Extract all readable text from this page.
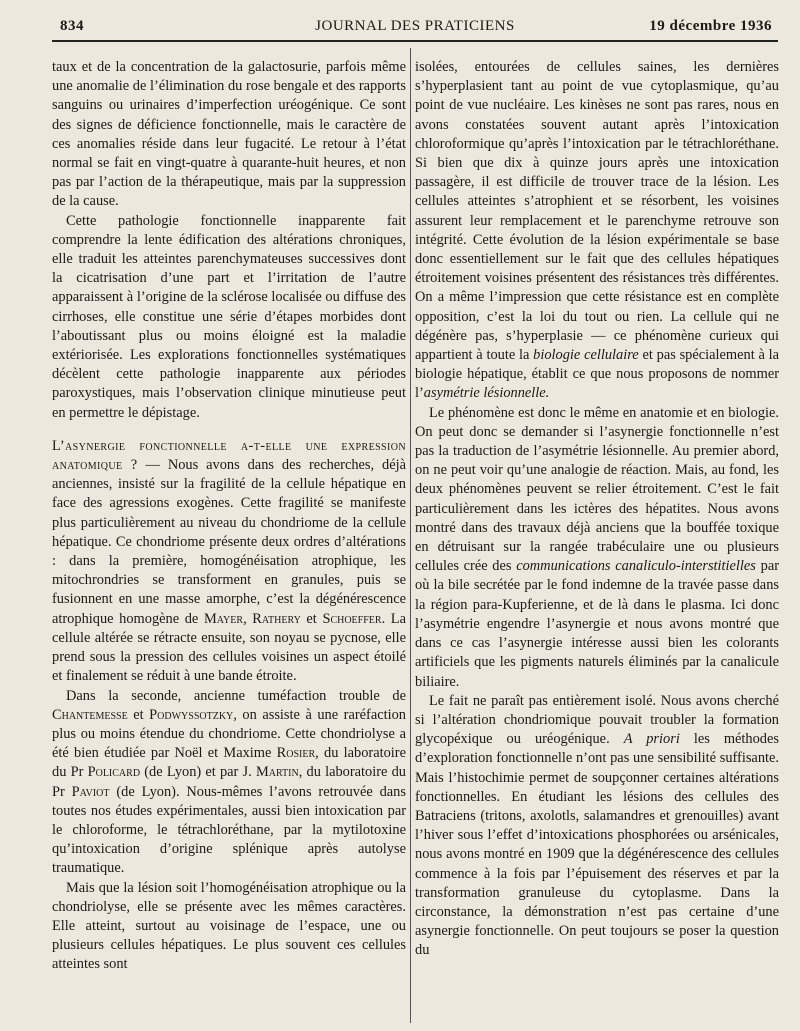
834	JOURNAL DES PRATICIENS	19 décembre 1936

taux et de la concentration de la galactosurie, parfois même une anomalie de l’élimination du rose bengale et des rapports sanguins ou urinaires d’imperfection uréogénique. Ce sont des signes de déficience fonctionnelle, mais le caractère de ces anomalies réside dans leur fugacité. Le retour à l’état normal se fait en vingt-quatre à quarante-huit heures, et non pas par l’action de la thérapeutique, mais par la suppression de la cause.

Cette pathologie fonctionnelle inapparente fait comprendre la lente édification des altérations chroniques, elle traduit les atteintes parenchymateuses successives dont la cicatrisation d’une part et l’irritation de l’autre apparaissent à l’origine de la sclérose localisée ou diffuse des cirrhoses, elle constitue une série d’étapes morbides dont l’aboutissant plus ou moins éloigné est la maladie extériorisée. Les explorations fonctionnelles systématiques décèlent cette pathologie inapparente aux périodes paroxystiques, mais l’observation clinique minutieuse peut en permettre le dépistage.

L’asynergie fonctionnelle a-t-elle une expression anatomique ? — Nous avons dans des recherches, déjà anciennes, insisté sur la fragilité de la cellule hépatique en face des agressions exogènes. Cette fragilité se manifeste plus particulièrement au niveau du chondriome de la cellule hépatique. Ce chondriome présente deux ordres d’altérations : dans la première, homogénéisation atrophique, les mitochrondries se transforment en granules, puis se fusionnent en une masse amorphe, c’est la dégénérescence atrophique homogène de Mayer, Rathery et Schoeffer. La cellule altérée se rétracte ensuite, son noyau se pycnose, elle prend sous la pression des cellules voisines un aspect étoilé et finalement se réduit à une bande étroite.

Dans la seconde, ancienne tuméfaction trouble de Chantemesse et Podwyssotzky, on assiste à une raréfaction plus ou moins étendue du chondriome. Cette chondriolyse a été bien étudiée par Noël et Maxime Rosier, du laboratoire du Pr Policard (de Lyon) et par J. Martin, du laboratoire du Pr Paviot (de Lyon). Nous-mêmes l’avons retrouvée dans toutes nos études expérimentales, aussi bien intoxication par le chloroforme, le tétrachloréthane, par la mytilotoxine qu’intoxication d’origine splénique après autolyse traumatique.

Mais que la lésion soit l’homogénéisation atrophique ou la chondriolyse, elle se présente avec les mêmes caractères. Elle atteint, surtout au voisinage de l’espace, une ou plusieurs cellules hépatiques. Le plus souvent ces cellules atteintes sont

isolées, entourées de cellules saines, les dernières s’hyperplasient tant au point de vue cytoplasmique, qu’au point de vue nucléaire. Les kinèses ne sont pas rares, nous en avons constatées souvent autant après l’intoxication chloroformique qu’après l’intoxication par le tétrachloréthane. Si bien que dix à quinze jours après une intoxication passagère, il est difficile de trouver trace de la lésion. Les cellules atteintes s’atrophient et se résorbent, les voisines assurent leur remplacement et le parenchyme retrouve son intégrité. Cette évolution de la lésion expérimentale se base donc essentiellement sur le fait que des cellules hépatiques étroitement voisines présentent des résistances très différentes. On a même l’impression que cette résistance est en complète opposition, c’est la loi du tout ou rien. La cellule qui ne dégénère pas, s’hyperplasie — ce phénomène curieux qui appartient à toute la biologie cellulaire et pas spécialement à la biologie hépatique, établit ce que nous proposons de nommer l’asymétrie lésionnelle.

Le phénomène est donc le même en anatomie et en biologie. On peut donc se demander si l’asynergie fonctionnelle n’est pas la traduction de l’asymétrie lésionnelle. Au premier abord, on ne peut voir qu’une analogie de réaction. Mais, au fond, les deux phénomènes peuvent se relier étroitement. C’est le fait particulièrement dans les ictères des hépatites. Nous avons montré dans des travaux déjà anciens que la bouffée toxique en détruisant sur la rangée trabéculaire une ou plusieurs cellules crée des communications canaliculo-interstitielles par où la bile secrétée par le fond indemne de la travée passe dans la région para-Kupferienne, et de là dans le plasma. Ici donc l’asymétrie engendre l’asynergie et nous avons montré que dans ce cas l’asynergie intéresse aussi bien les colorants artificiels que les pigments naturels éliminés par la canalicule biliaire.

Le fait ne paraît pas entièrement isolé. Nous avons cherché si l’altération chondriomique pouvait troubler la formation glycopéxique ou uréogénique. A priori les méthodes d’exploration fonctionnelle n’ont pas une sensibilité suffisante. Mais l’histochimie permet de soupçonner certaines altérations fonctionnelles. En étudiant les lésions des cellules des Batraciens (tritons, axolotls, salamandres et grenouilles) avant l’hiver sous l’effet d’intoxications phosphorées ou arsénicales, nous avons montré en 1909 que la dégénérescence des cellules commence à la fois par l’épuisement des réserves et par la transformation granuleuse du cytoplasme. Dans la circonstance, la démonstration n’est pas certaine d’une asynergie fonctionnelle. On peut toujours se poser la question du
